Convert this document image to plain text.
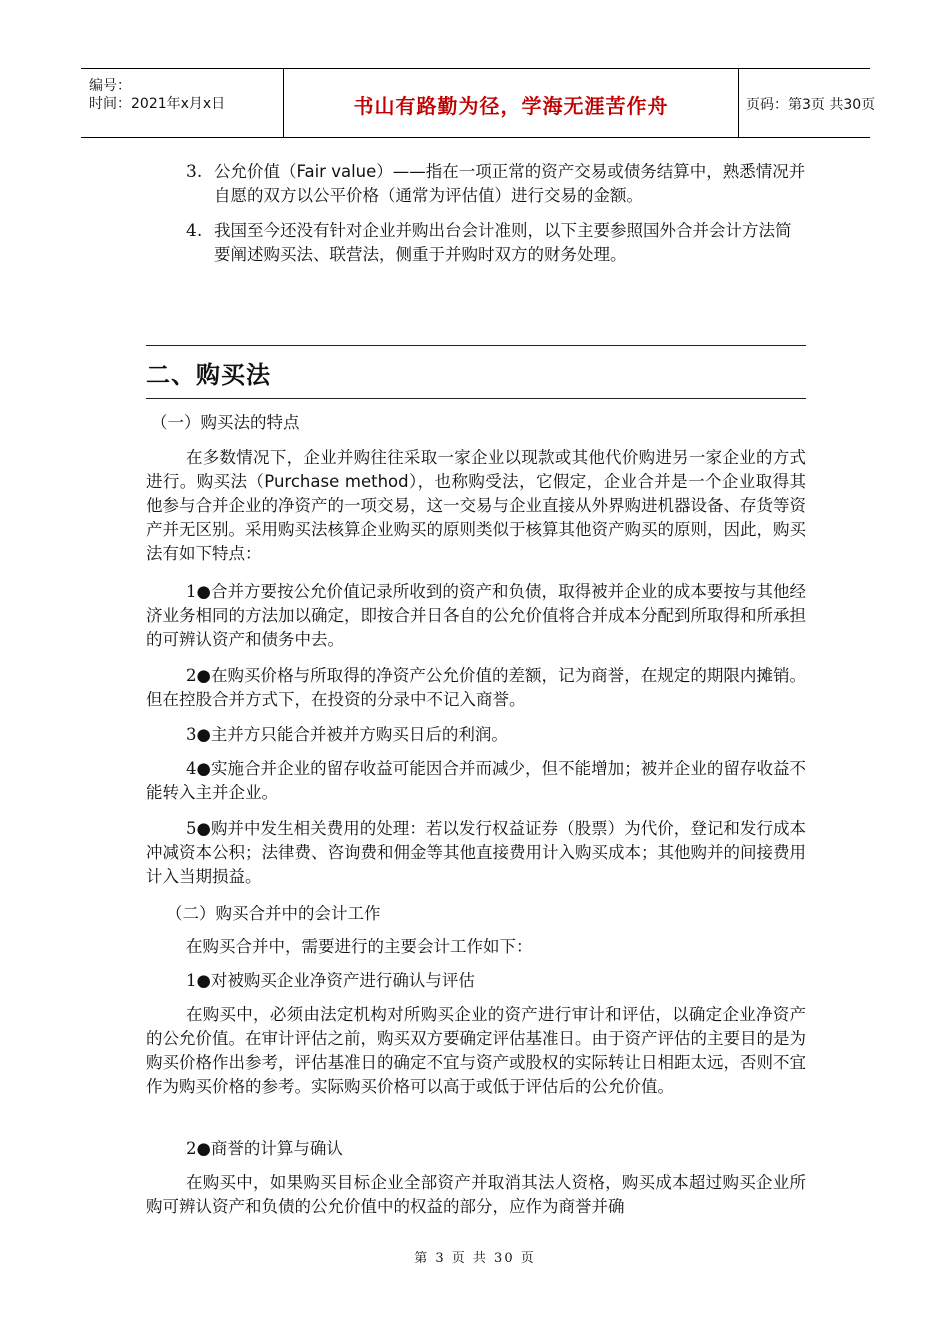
编号：
时间：2021年x月x日	书山有路勤为径，学海无涯苦作舟	页码：第3页 共30页
3. 公允价值（Fair value）——指在一项正常的资产交易或债务结算中，熟悉情况并自愿的双方以公平价格（通常为评估值）进行交易的金额。
4. 我国至今还没有针对企业并购出台会计准则，以下主要参照国外合并会计方法简要阐述购买法、联营法，侧重于并购时双方的财务处理。
二、购买法
（一）购买法的特点
在多数情况下，企业并购往往采取一家企业以现款或其他代价购进另一家企业的方式进行。购买法（Purchase method），也称购受法，它假定，企业合并是一个企业取得其他参与合并企业的净资产的一项交易，这一交易与企业直接从外界购进机器设备、存货等资产并无区别。采用购买法核算企业购买的原则类似于核算其他资产购买的原则，因此，购买法有如下特点：
1●合并方要按公允价值记录所收到的资产和负债，取得被并企业的成本要按与其他经济业务相同的方法加以确定，即按合并日各自的公允价值将合并成本分配到所取得和所承担的可辨认资产和债务中去。
2●在购买价格与所取得的净资产公允价值的差额，记为商誉，在规定的期限内摊销。但在控股合并方式下，在投资的分录中不记入商誉。
3●主并方只能合并被并方购买日后的利润。
4●实施合并企业的留存收益可能因合并而减少，但不能增加；被并企业的留存收益不能转入主并企业。
5●购并中发生相关费用的处理：若以发行权益证券（股票）为代价，登记和发行成本冲减资本公积；法律费、咨询费和佣金等其他直接费用计入购买成本；其他购并的间接费用计入当期损益。
（二）购买合并中的会计工作
在购买合并中，需要进行的主要会计工作如下：
1●对被购买企业净资产进行确认与评估
在购买中，必须由法定机构对所购买企业的资产进行审计和评估，以确定企业净资产的公允价值。在审计评估之前，购买双方要确定评估基准日。由于资产评估的主要目的是为购买价格作出参考，评估基准日的确定不宜与资产或股权的实际转让日相距太远，否则不宜作为购买价格的参考。实际购买价格可以高于或低于评估后的公允价值。
2●商誉的计算与确认
在购买中，如果购买目标企业全部资产并取消其法人资格，购买成本超过购买企业所购可辨认资产和负债的公允价值中的权益的部分，应作为商誉并确
第 3 页 共 30 页
